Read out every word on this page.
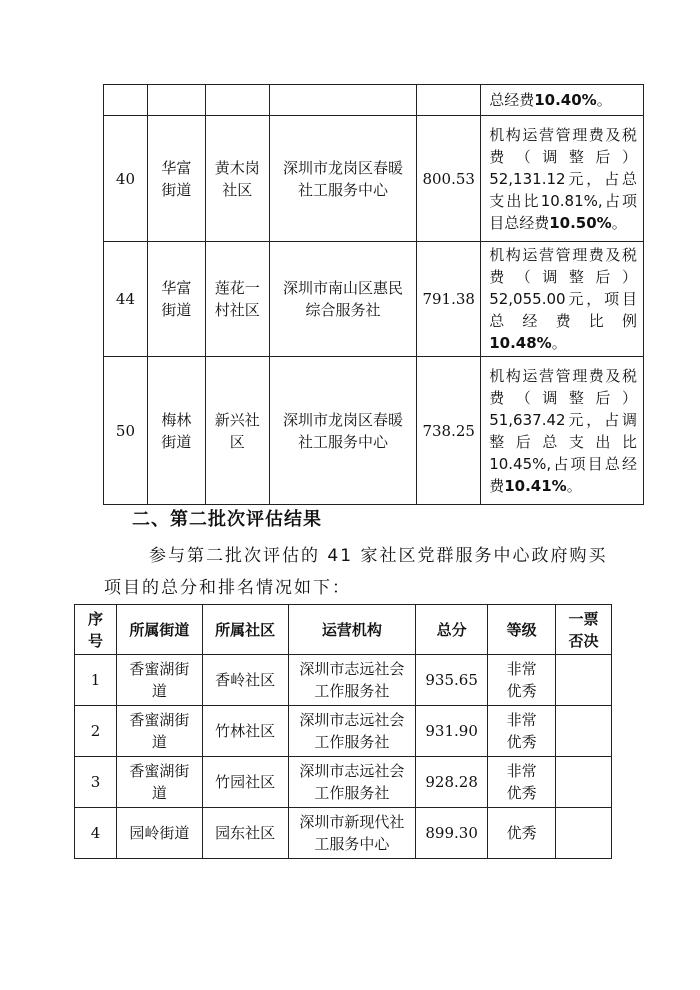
					总经费10.40%。
40	华富街道	黄木岗社区	深圳市龙岗区春暖社工服务中心	800.53	机构运营管理费及税费（调整后）52,131.12元，占总支出比10.81%,占项目总经费10.50%。
44	华富街道	莲花一村社区	深圳市南山区惠民综合服务社	791.38	机构运营管理费及税费（调整后）52,055.00元，项目总经费比例10.48%。
50	梅林街道	新兴社区	深圳市龙岗区春暖社工服务中心	738.25	机构运营管理费及税费（调整后）51,637.42元，占调整后总支出比10.45%,占项目总经费10.41%。
二、第二批次评估结果
参与第二批次评估的 41 家社区党群服务中心政府购买
项目的总分和排名情况如下：
序号	所属街道	所属社区	运营机构	总分	等级	一票否决
1	香蜜湖街道	香岭社区	深圳市志远社会工作服务社	935.65	非常优秀	
2	香蜜湖街道	竹林社区	深圳市志远社会工作服务社	931.90	非常优秀	
3	香蜜湖街道	竹园社区	深圳市志远社会工作服务社	928.28	非常优秀	
4	园岭街道	园东社区	深圳市新现代社工服务中心	899.30	优秀	
